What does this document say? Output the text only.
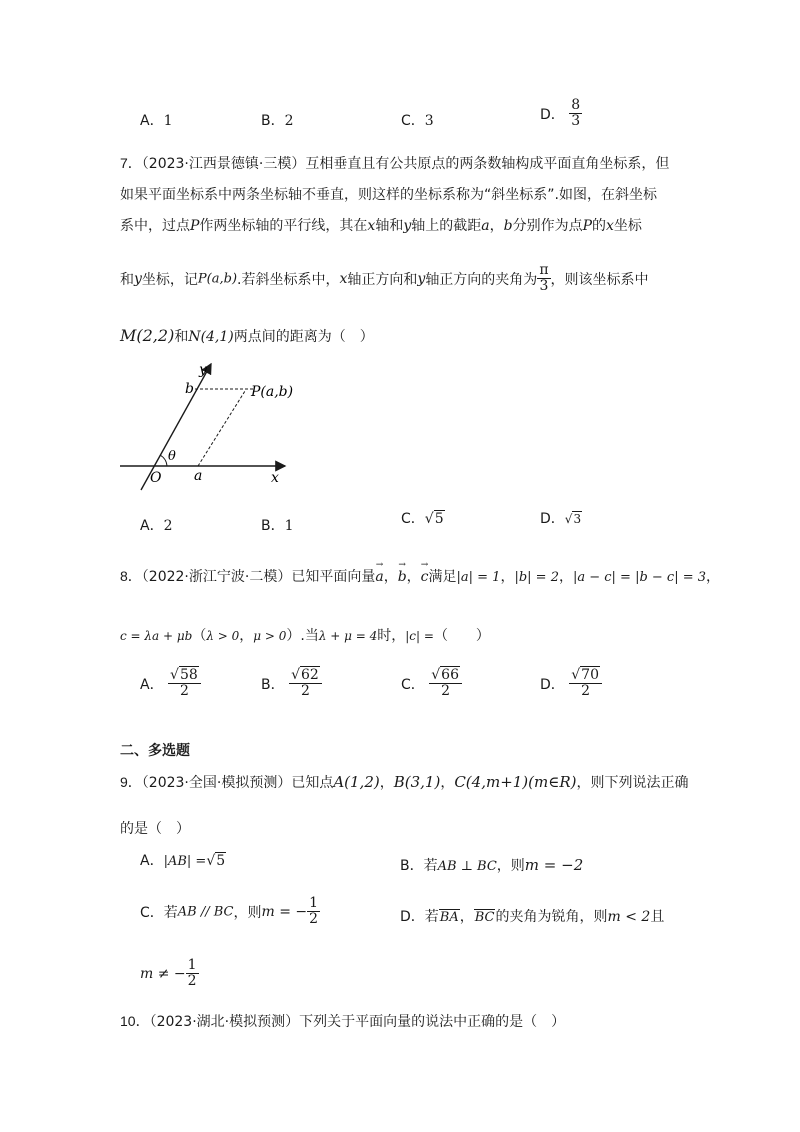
A．1	B．2	C．3	D． $\frac{8}{3}$
7．（2023·江西景德镇·三模）互相垂直且有公共原点的两条数轴构成平面直角坐标系，但
如果平面坐标系中两条坐标轴不垂直，则这样的坐标系称为“斜坐标系”.如图，在斜坐标
系中，过点P作两坐标轴的平行线，其在x轴和y轴上的截距a，b分别作为点P的x坐标
和y坐标，记P(a,b).若斜坐标系中，x轴正方向和y轴正方向的夹角为 $\frac{\pi}{3}$ ，则该坐标系中
M(2,2)和N(4,1)两点间的距离为（　）
y
b	P(a,b)
θ
O a	x
A．2	B．1	C．√5	D．√3
8．（2022·浙江宁波·二模）已知平面向量→ a，→ b，→ c满足|a| = 1，|b| = 2，|a − c| = |b − c| = 3，
c = λa + μb（λ > 0，μ > 0）.当λ + μ = 4时，|c| =（　　）
A． $\frac{√58}{2}$	B． $\frac{√62}{2}$	C． $\frac{√66}{2}$	D． $\frac{√70}{2}$
二、多选题
9．（2023·全国·模拟预测）已知点A(1,2)，B(3,1)，C(4,m+1)(m∈R)，则下列说法正确
的是（　）
A．|AB| =√5	B．若AB ⊥ BC，则m = −2
C．若AB // BC，则m = − $\frac{1}{2}$	D．若BA，BC的夹角为锐角，则m < 2且
m ≠ − $\frac{1}{2}$
10．（2023·湖北·模拟预测）下列关于平面向量的说法中正确的是（　）
